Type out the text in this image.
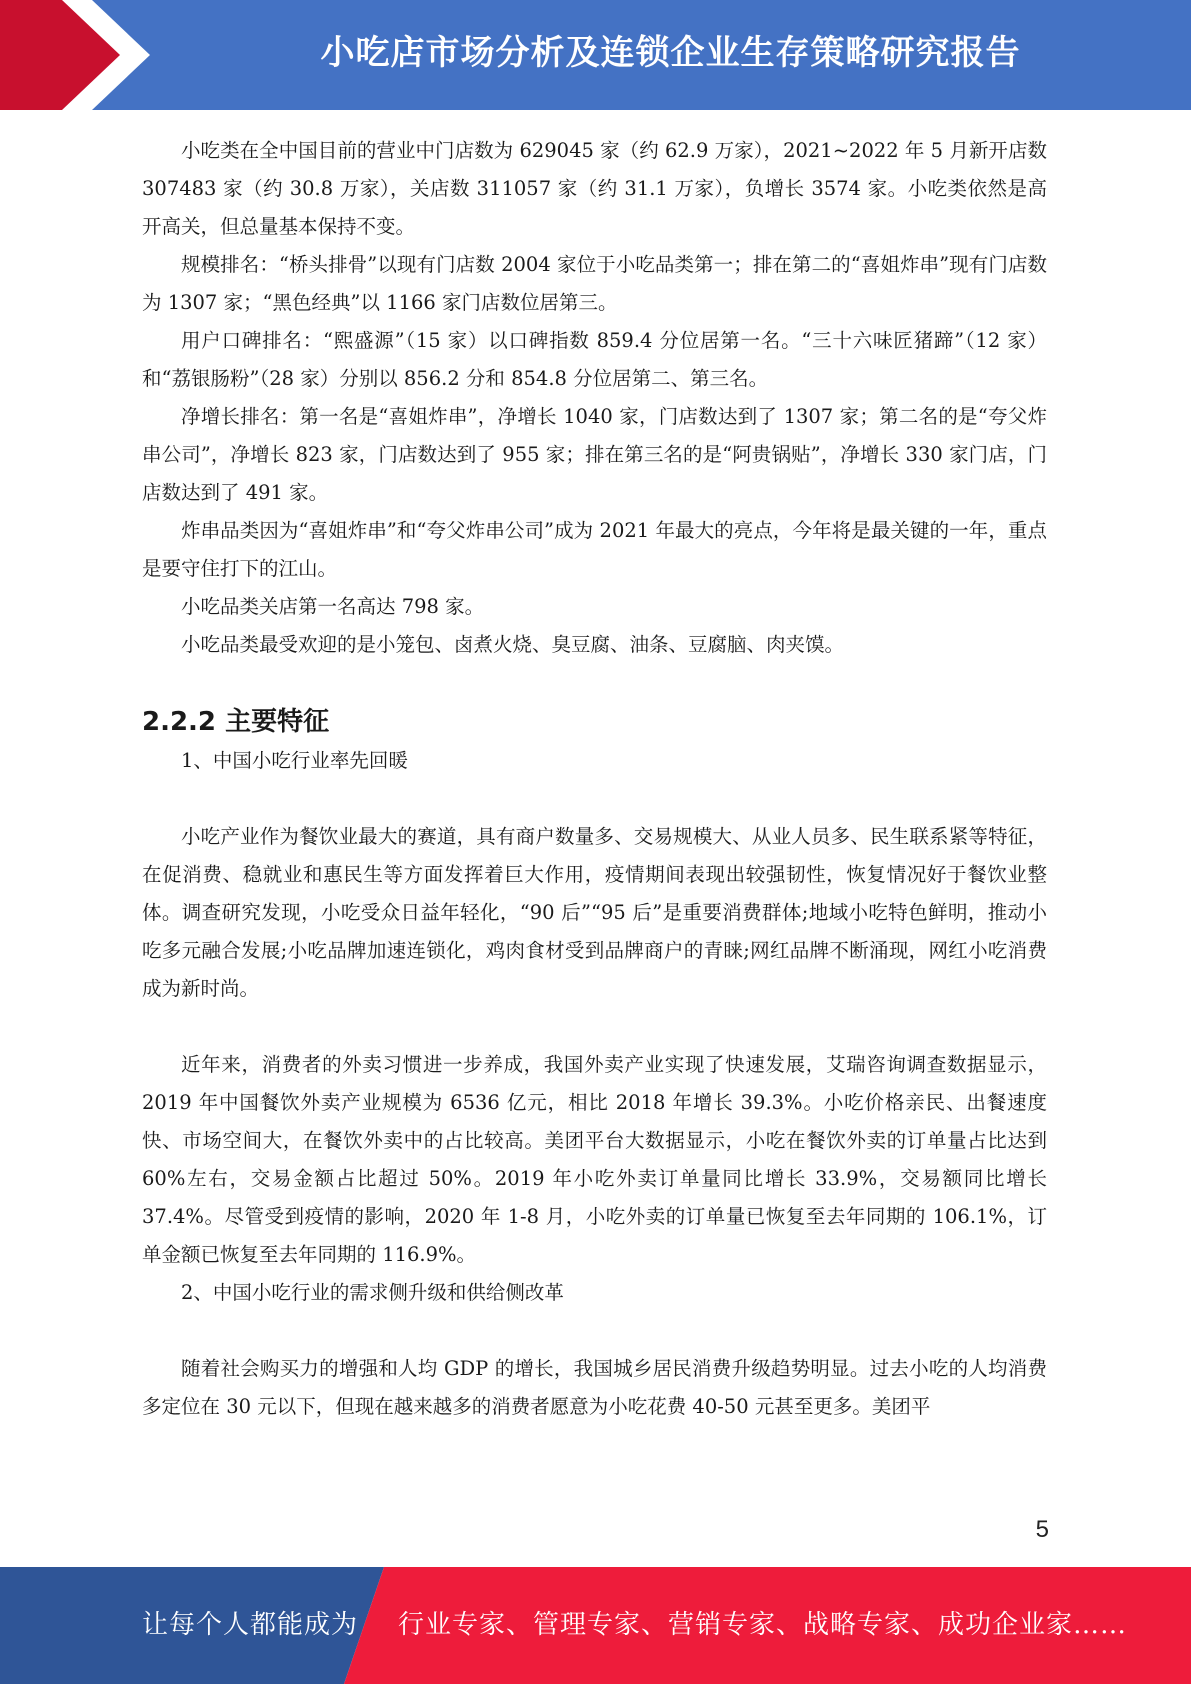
小吃店市场分析及连锁企业生存策略研究报告

小吃类在全中国目前的营业中门店数为 629045 家（约 62.9 万家），2021~2022 年 5 月新开店数 307483 家（约 30.8 万家），关店数 311057 家（约 31.1 万家），负增长 3574 家。小吃类依然是高开高关，但总量基本保持不变。

规模排名：“桥头排骨”以现有门店数 2004 家位于小吃品类第一；排在第二的“喜姐炸串”现有门店数为 1307 家；“黑色经典”以 1166 家门店数位居第三。

用户口碑排名：“熙盛源”（15 家）以口碑指数 859.4 分位居第一名。“三十六味匠猪蹄”（12 家）和“荔银肠粉”（28 家）分别以 856.2 分和 854.8 分位居第二、第三名。

净增长排名：第一名是“喜姐炸串”，净增长 1040 家，门店数达到了 1307 家；第二名的是“夸父炸串公司”，净增长 823 家，门店数达到了 955 家；排在第三名的是“阿贵锅贴”，净增长 330 家门店，门店数达到了 491 家。

炸串品类因为“喜姐炸串”和“夸父炸串公司”成为 2021 年最大的亮点，今年将是最关键的一年，重点是要守住打下的江山。

小吃品类关店第一名高达 798 家。

小吃品类最受欢迎的是小笼包、卤煮火烧、臭豆腐、油条、豆腐脑、肉夹馍。

2.2.2 主要特征

1、中国小吃行业率先回暖

小吃产业作为餐饮业最大的赛道，具有商户数量多、交易规模大、从业人员多、民生联系紧等特征，在促消费、稳就业和惠民生等方面发挥着巨大作用，疫情期间表现出较强韧性，恢复情况好于餐饮业整体。调查研究发现，小吃受众日益年轻化，“90 后”“95 后”是重要消费群体;地域小吃特色鲜明，推动小吃多元融合发展;小吃品牌加速连锁化，鸡肉食材受到品牌商户的青睐;网红品牌不断涌现，网红小吃消费成为新时尚。

近年来，消费者的外卖习惯进一步养成，我国外卖产业实现了快速发展，艾瑞咨询调查数据显示，2019 年中国餐饮外卖产业规模为 6536 亿元，相比 2018 年增长 39.3%。小吃价格亲民、出餐速度快、市场空间大，在餐饮外卖中的占比较高。美团平台大数据显示，小吃在餐饮外卖的订单量占比达到 60%左右，交易金额占比超过 50%。2019 年小吃外卖订单量同比增长 33.9%，交易额同比增长 37.4%。尽管受到疫情的影响，2020 年 1-8 月，小吃外卖的订单量已恢复至去年同期的 106.1%，订单金额已恢复至去年同期的 116.9%。

2、中国小吃行业的需求侧升级和供给侧改革

随着社会购买力的增强和人均 GDP 的增长，我国城乡居民消费升级趋势明显。过去小吃的人均消费多定位在 30 元以下，但现在越来越多的消费者愿意为小吃花费 40-50 元甚至更多。美团平

5
让每个人都能成为 行业专家、管理专家、营销专家、战略专家、成功企业家……
